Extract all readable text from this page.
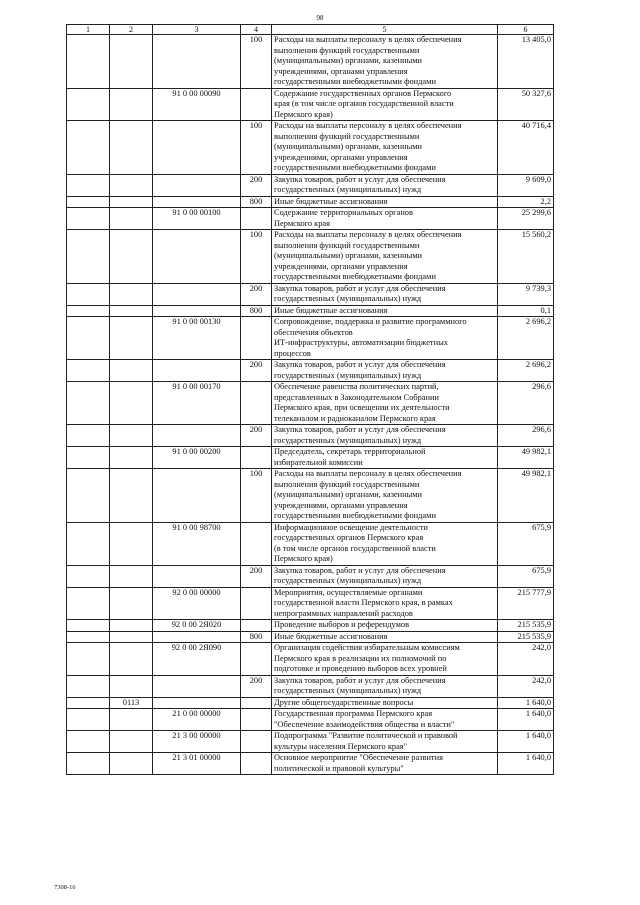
98
1	2	3	4	5	6
			100	Расходы на выплаты персоналу в целях обеспечения
выполнения функций государственными
(муниципальными) органами, казенными
учреждениями, органами управления
государственными внебюджетными фондами	13 405,0
		91 0 00 00090		Содержание государственных органов Пермского
края (в том числе органов государственной власти
Пермского края)	50 327,6
			100	Расходы на выплаты персоналу в целях обеспечения
выполнения функций государственными
(муниципальными) органами, казенными
учреждениями, органами управления
государственными внебюджетными фондами	40 716,4
			200	Закупка товаров, работ и услуг для обеспечения
государственных (муниципальных) нужд	9 609,0
			800	Иные бюджетные ассигнования	2,2
		91 0 00 00100		Содержание территориальных органов
Пермского края	25 299,6
			100	Расходы на выплаты персоналу в целях обеспечения
выполнения функций государственными
(муниципальными) органами, казенными
учреждениями, органами управления
государственными внебюджетными фондами	15 560,2
			200	Закупка товаров, работ и услуг для обеспечения
государственных (муниципальных) нужд	9 739,3
			800	Иные бюджетные ассигнования	0,1
		91 0 00 00130		Сопровождение, поддержка и развитие программного
обеспечения объектов
ИТ-инфраструктуры, автоматизации бюджетных
процессов	2 696,2
			200	Закупка товаров, работ и услуг для обеспечения
государственных (муниципальных) нужд	2 696,2
		91 0 00 00170		Обеспечение равенства политических партий,
представленных в Законодательном Собрании
Пермского края, при освещении их деятельности
телеканалом и радиоканалом Пермского края	296,6
			200	Закупка товаров, работ и услуг для обеспечения
государственных (муниципальных) нужд	296,6
		91 0 00 00200		Председатель, секретарь территориальной
избирательной комиссии	49 982,1
			100	Расходы на выплаты персоналу в целях обеспечения
выполнения функций государственными
(муниципальными) органами, казенными
учреждениями, органами управления
государственными внебюджетными фондами	49 982,1
		91 0 00 98700		Информационное освещение деятельности
государственных органов Пермского края
(в том числе органов государственной власти
Пермского края)	675,9
			200	Закупка товаров, работ и услуг для обеспечения
государственных (муниципальных) нужд	675,9
		92 0 00 00000		Мероприятия, осуществляемые органами
государственной власти Пермского края, в рамках
непрограммных направлений расходов	215 777,9
		92 0 00 2Я020		Проведение выборов и референдумов	215 535,9
			800	Иные бюджетные ассигнования	215 535,9
		92 0 00 2Я090		Организация содействия избирательным комиссиям
Пермского края в реализации их полномочий по
подготовке и проведению выборов всех уровней	242,0
			200	Закупка товаров, работ и услуг для обеспечения
государственных (муниципальных) нужд	242,0
	0113			Другие общегосударственные вопросы	1 640,0
		21 0 00 00000		Государственная программа Пермского края
"Обеспечение взаимодействия общества и власти"	1 640,0
		21 3 00 00000		Подпрограмма "Развитие политической и правовой
культуры населения Пермского края"	1 640,0
		21 3 01 00000		Основное мероприятие "Обеспечение развития
политической и правовой культуры"	1 640,0
7308-16
